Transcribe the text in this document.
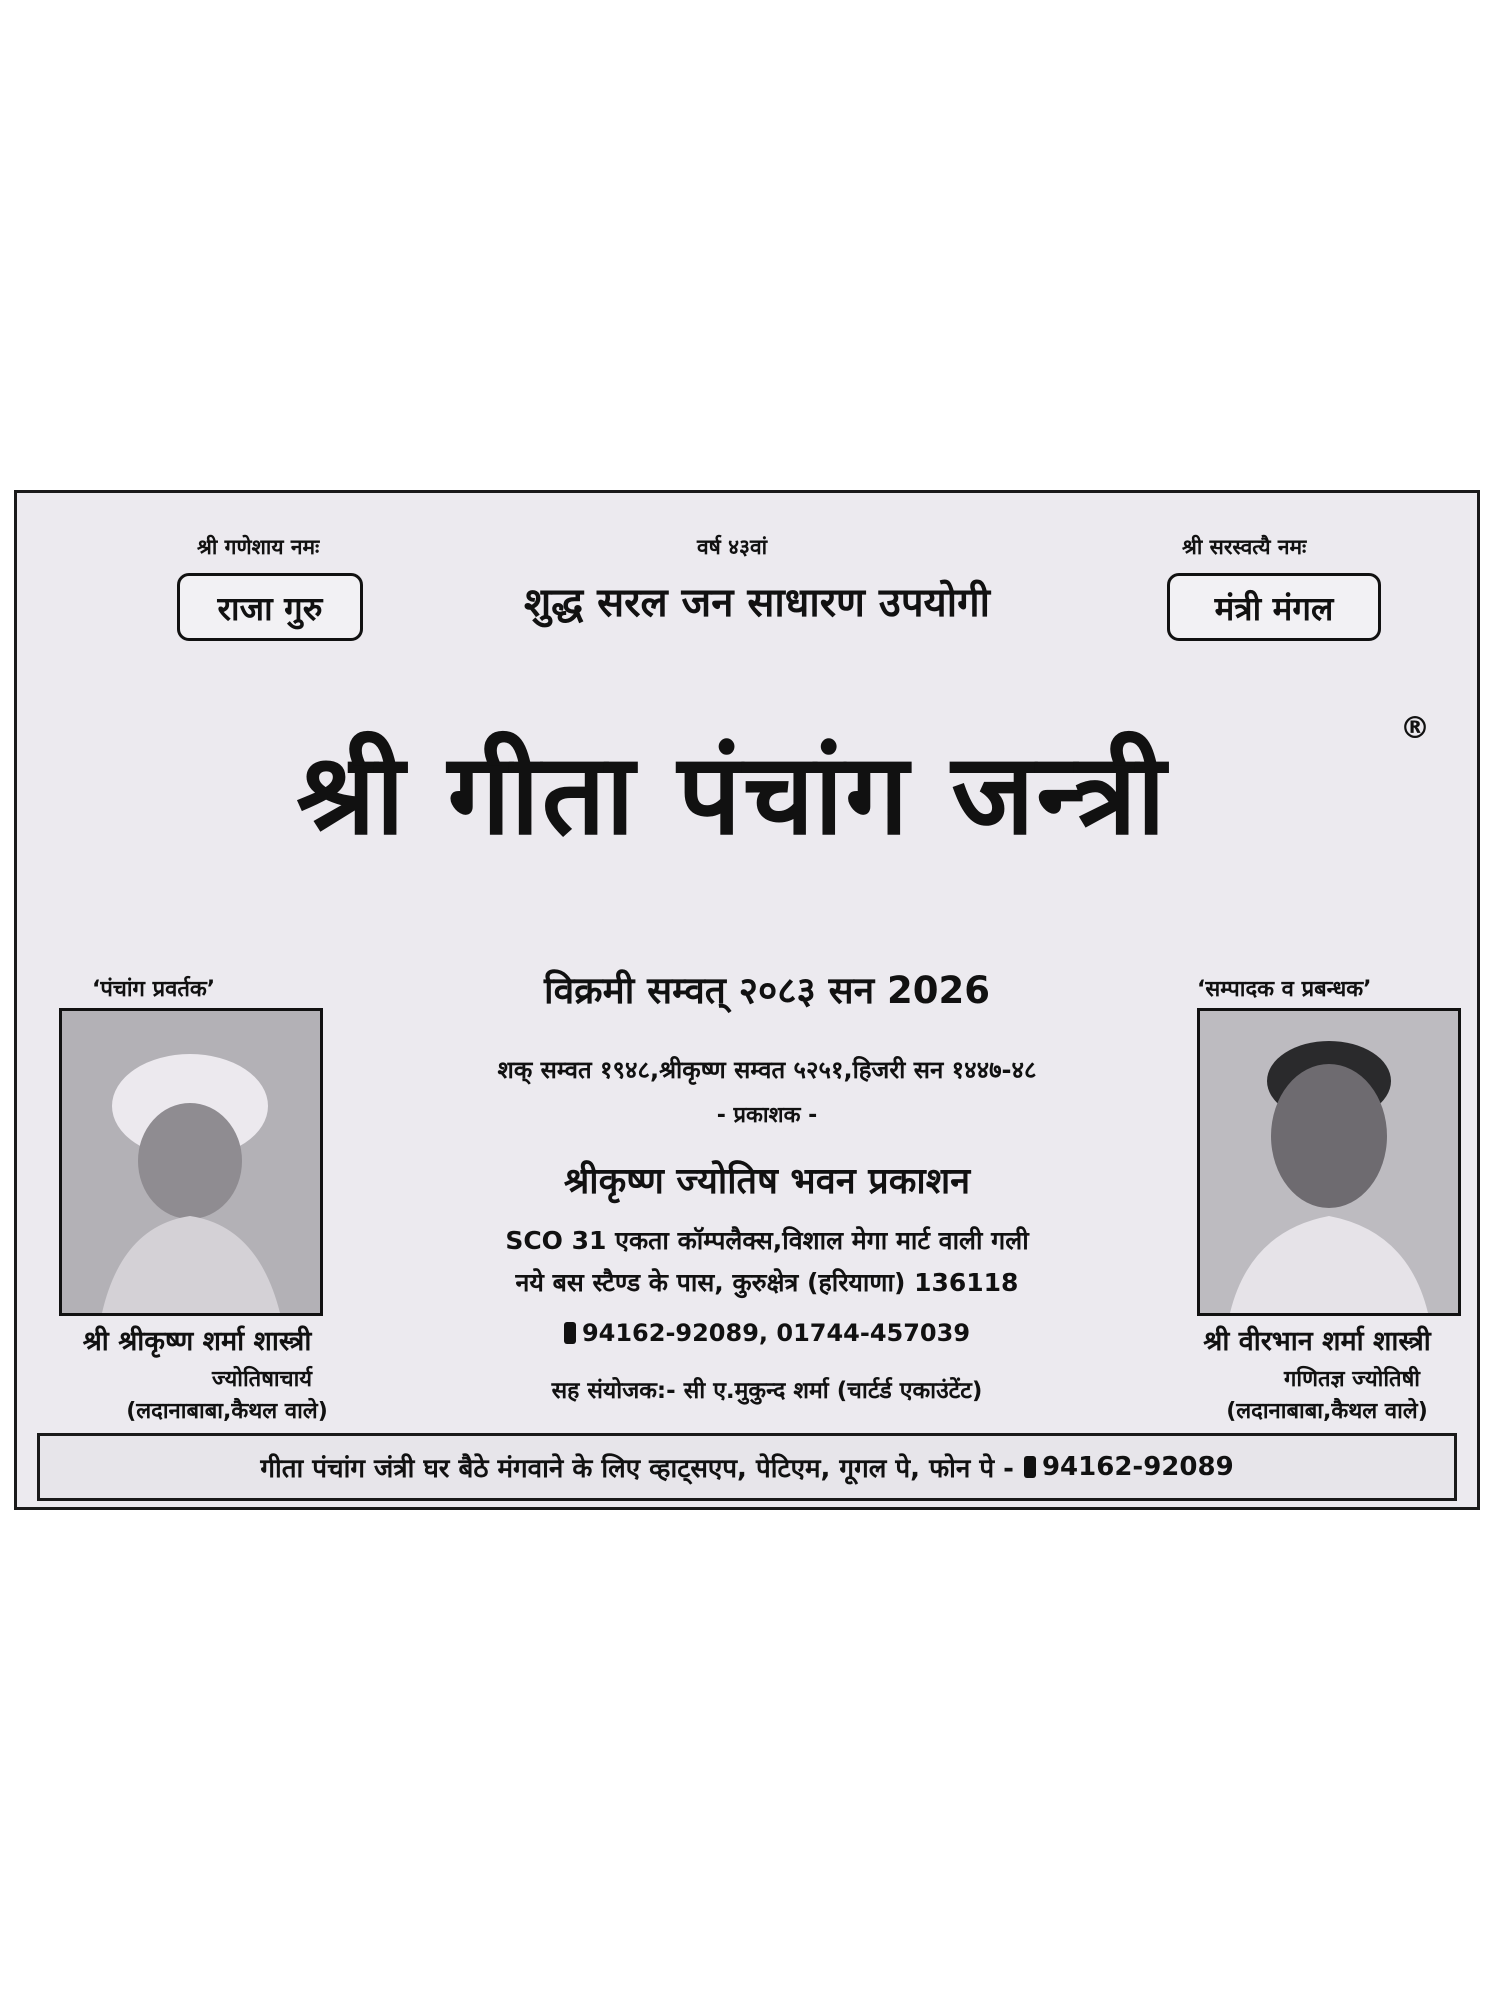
श्री गणेशाय नमः	वर्ष ४३वां	श्री सरस्वत्यै नमः
राजा गुरु	मंत्री मंगल
शुद्ध सरल जन साधारण उपयोगी
श्री गीता पंचांग जन्त्री
®
‘पंचांग प्रवर्तक’
श्री श्रीकृष्ण शर्मा शास्त्री
ज्योतिषाचार्य
(लदानाबाबा,कैथल वाले)
‘सम्पादक व प्रबन्धक’
श्री वीरभान शर्मा शास्त्री
गणितज्ञ ज्योतिषी
(लदानाबाबा,कैथल वाले)
विक्रमी सम्वत् २०८३ सन 2026
शक् सम्वत १९४८,श्रीकृष्ण सम्वत ५२५१,हिजरी सन १४४७-४८
- प्रकाशक -
श्रीकृष्ण ज्योतिष भवन प्रकाशन
SCO 31 एकता कॉम्पलैक्स,विशाल मेगा मार्ट वाली गली
नये बस स्टैण्ड के पास, कुरुक्षेत्र (हरियाणा) 136118
94162-92089, 01744-457039
सह संयोजक:- सी ए.मुकुन्द शर्मा (चार्टर्ड एकाउंटेंट)
गीता पंचांग जंत्री घर बैठे मंगवाने के लिए व्हाट्सएप, पेटिएम, गूगल पे, फोन पे - 94162-92089
